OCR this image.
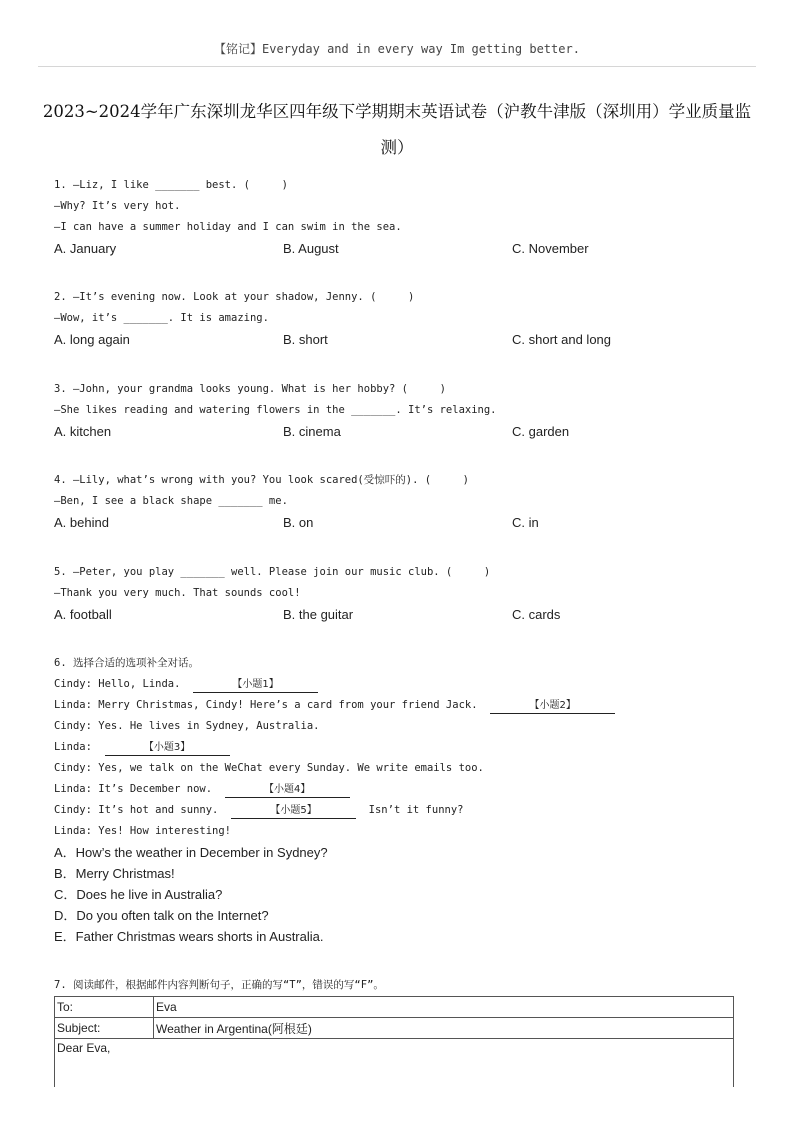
【铭记】Everyday and in every way Im getting better.
2023~2024学年广东深圳龙华区四年级下学期期末英语试卷（沪教牛津版（深圳用）学业质量监
测）
1. —Liz, I like _______ best. (     )
—Why? It’s very hot.
—I can have a summer holiday and I can swim in the sea.
A. January	B. August	C. November
2. —It’s evening now. Look at your shadow, Jenny. (     )
—Wow, it’s _______. It is amazing.
A. long again	B. short	C. short and long
3. —John, your grandma looks young. What is her hobby? (     )
—She likes reading and watering flowers in the _______. It’s relaxing.
A. kitchen	B. cinema	C. garden
4. —Lily, what’s wrong with you? You look scared(受惊吓的). (     )
—Ben, I see a black shape _______ me.
A. behind	B. on	C. in
5. —Peter, you play _______ well. Please join our music club. (     )
—Thank you very much. That sounds cool!
A. football	B. the guitar	C. cards
6. 选择合适的选项补全对话。
Cindy: Hello, Linda.	【小题1】
Linda: Merry Christmas, Cindy! Here’s a card from your friend Jack.	【小题2】
Cindy: Yes. He lives in Sydney, Australia.
Linda:	【小题3】
Cindy: Yes, we talk on the WeChat every Sunday. We write emails too.
Linda: It’s December now.	【小题4】
Cindy: It’s hot and sunny.	【小题5】	Isn’t it funny?
Linda: Yes! How interesting!
A．How’s the weather in December in Sydney?
B．Merry Christmas!
C．Does he live in Australia?
D．Do you often talk on the Internet?
E．Father Christmas wears shorts in Australia.
7. 阅读邮件，根据邮件内容判断句子，正确的写“T”，错误的写“F”。
To:	Eva
Subject:	Weather in Argentina(阿根廷)
Dear Eva,	
